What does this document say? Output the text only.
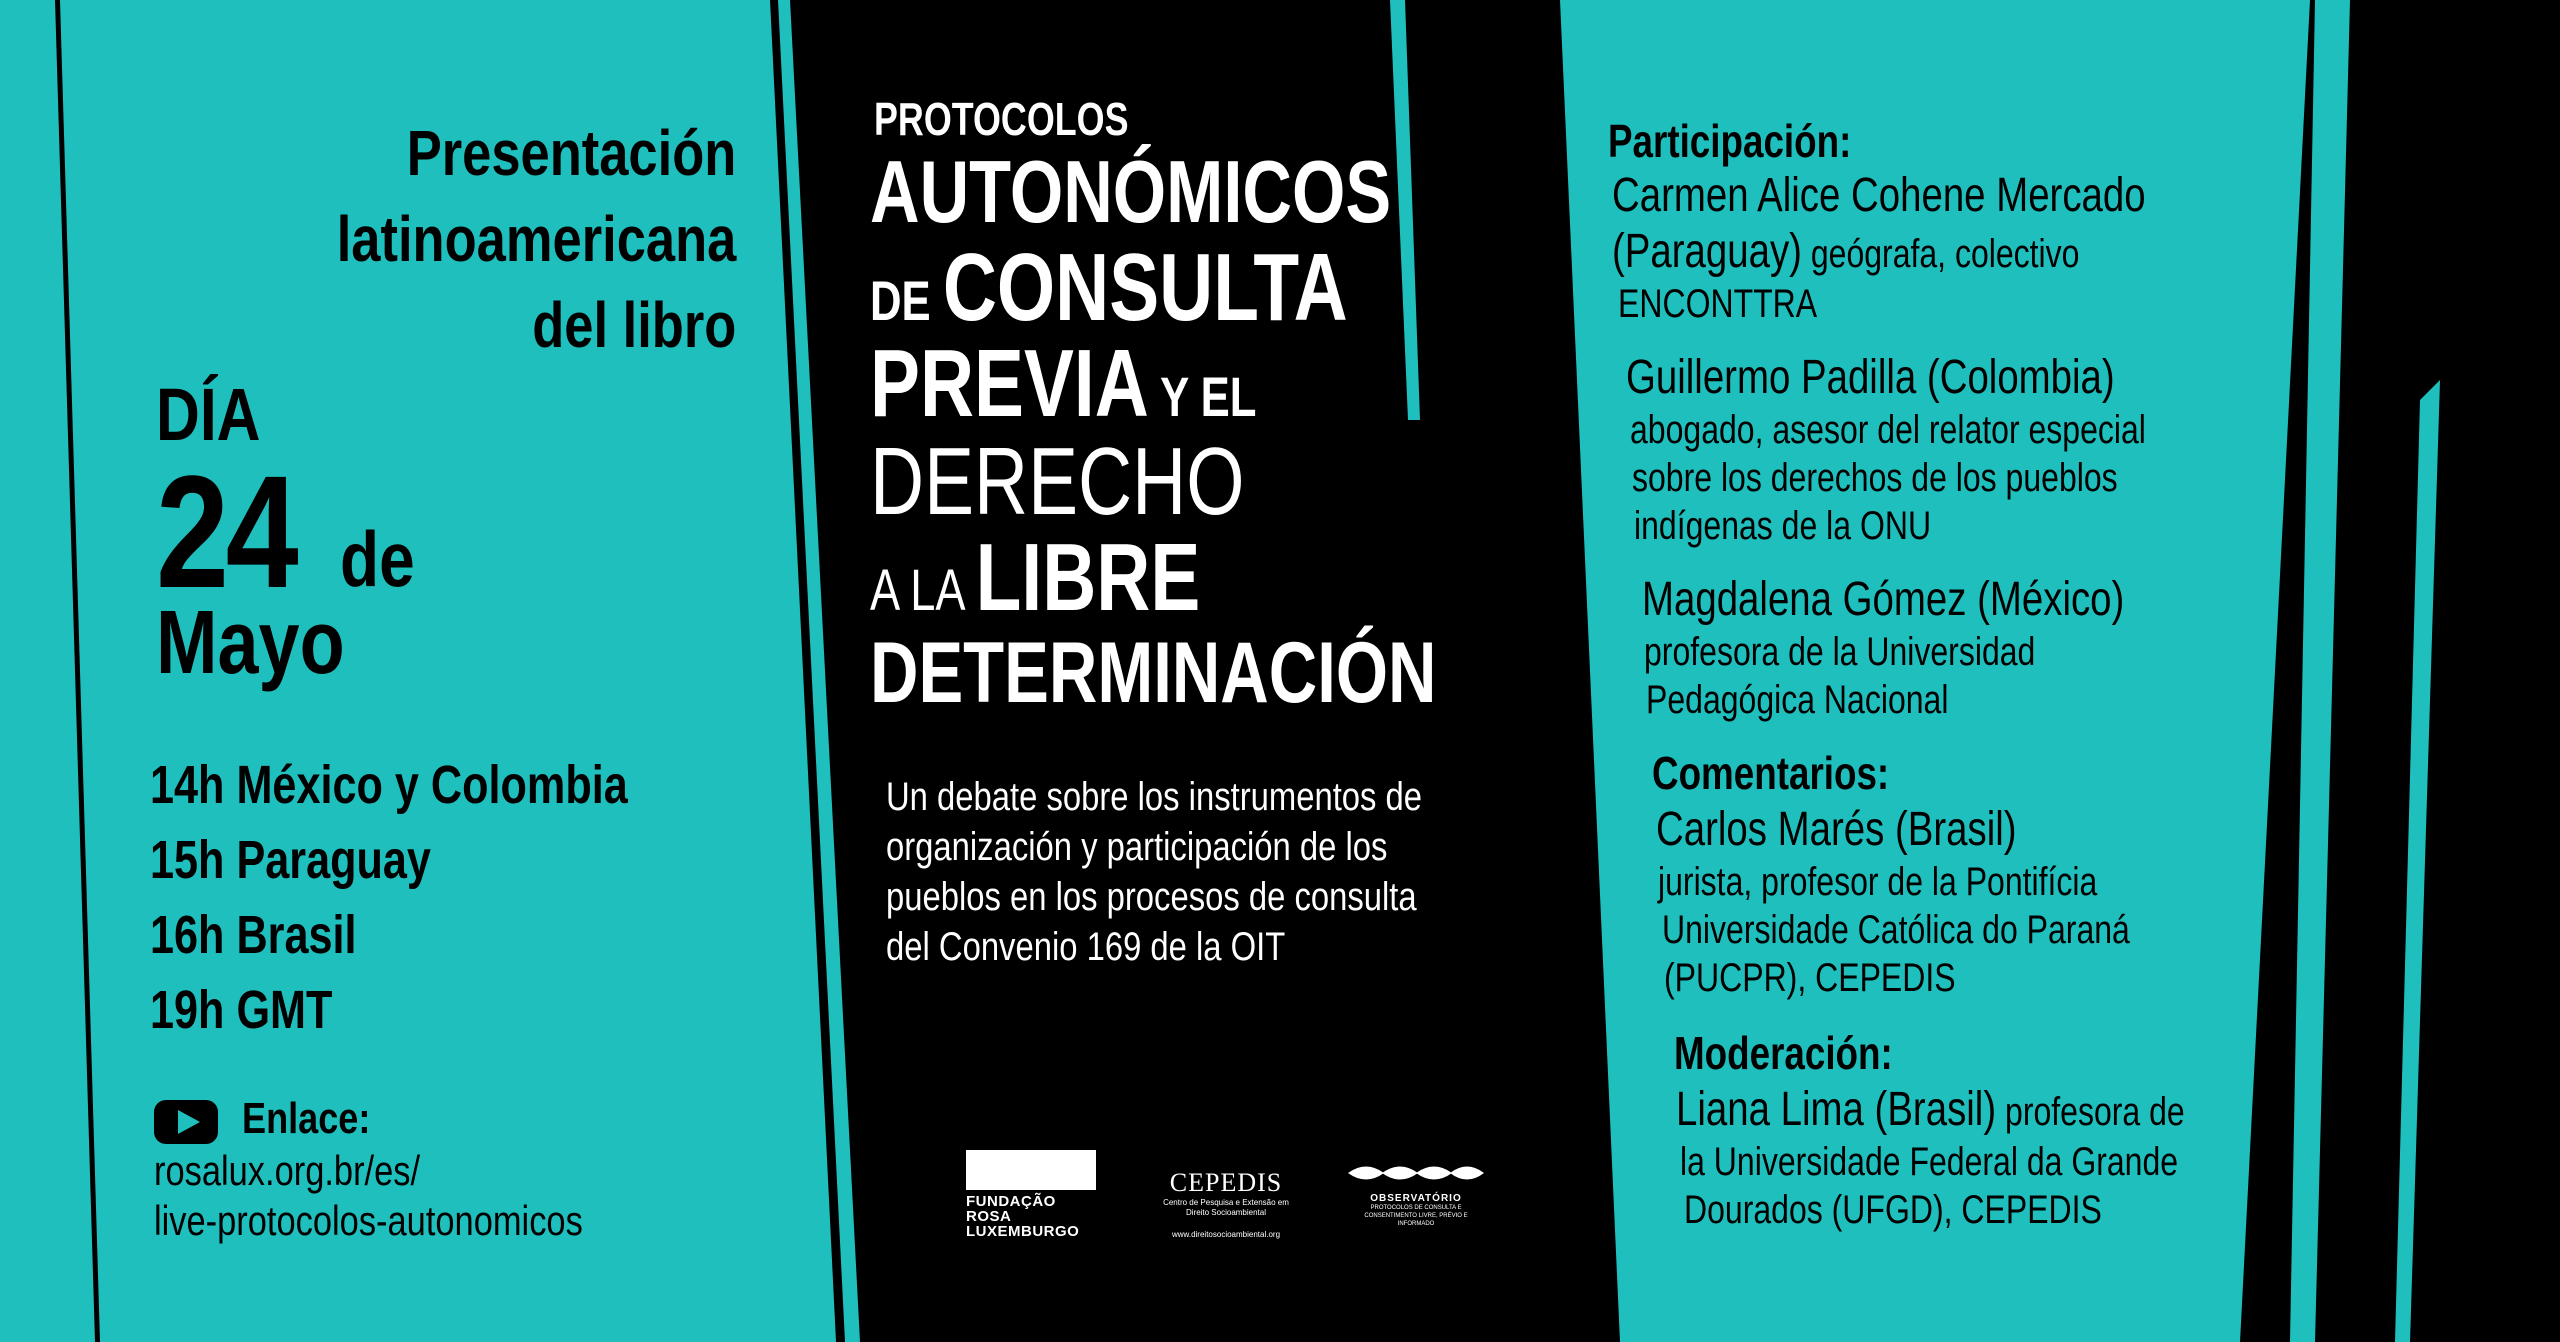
Presentación
latinoamericana
del libro
DÍA
24 de
Mayo
14h México y Colombia
15h Paraguay
16h Brasil
19h GMT
Enlace:
rosalux.org.br/es/
live-protocolos-autonomicos
PROTOCOLOS
AUTONÓMICOS
DE CONSULTA
PREVIA Y EL
DERECHO
A LA LIBRE
DETERMINACIÓN
Un debate sobre los instrumentos de
organización y participación de los
pueblos en los procesos de consulta
del Convenio 169 de la OIT
FUNDAÇÃO ROSA LUXEMBURGO
CEPEDIS
Centro de Pesquisa e Extensão em Direito Socioambiental
www.direitosocioambiental.org
OBSERVATÓRIO
PROTOCOLOS DE CONSULTA E CONSENTIMENTO LIVRE, PRÉVIO E INFORMADO
Participación:
Carmen Alice Cohene Mercado
(Paraguay) geógrafa, colectivo
ENCONTTRA
Guillermo Padilla (Colombia)
abogado, asesor del relator especial
sobre los derechos de los pueblos
indígenas de la ONU
Magdalena Gómez (México)
profesora de la Universidad
Pedagógica Nacional
Comentarios:
Carlos Marés (Brasil)
jurista, profesor de la Pontifícia
Universidade Católica do Paraná
(PUCPR), CEPEDIS
Moderación:
Liana Lima (Brasil) profesora de
la Universidade Federal da Grande
Dourados (UFGD), CEPEDIS
